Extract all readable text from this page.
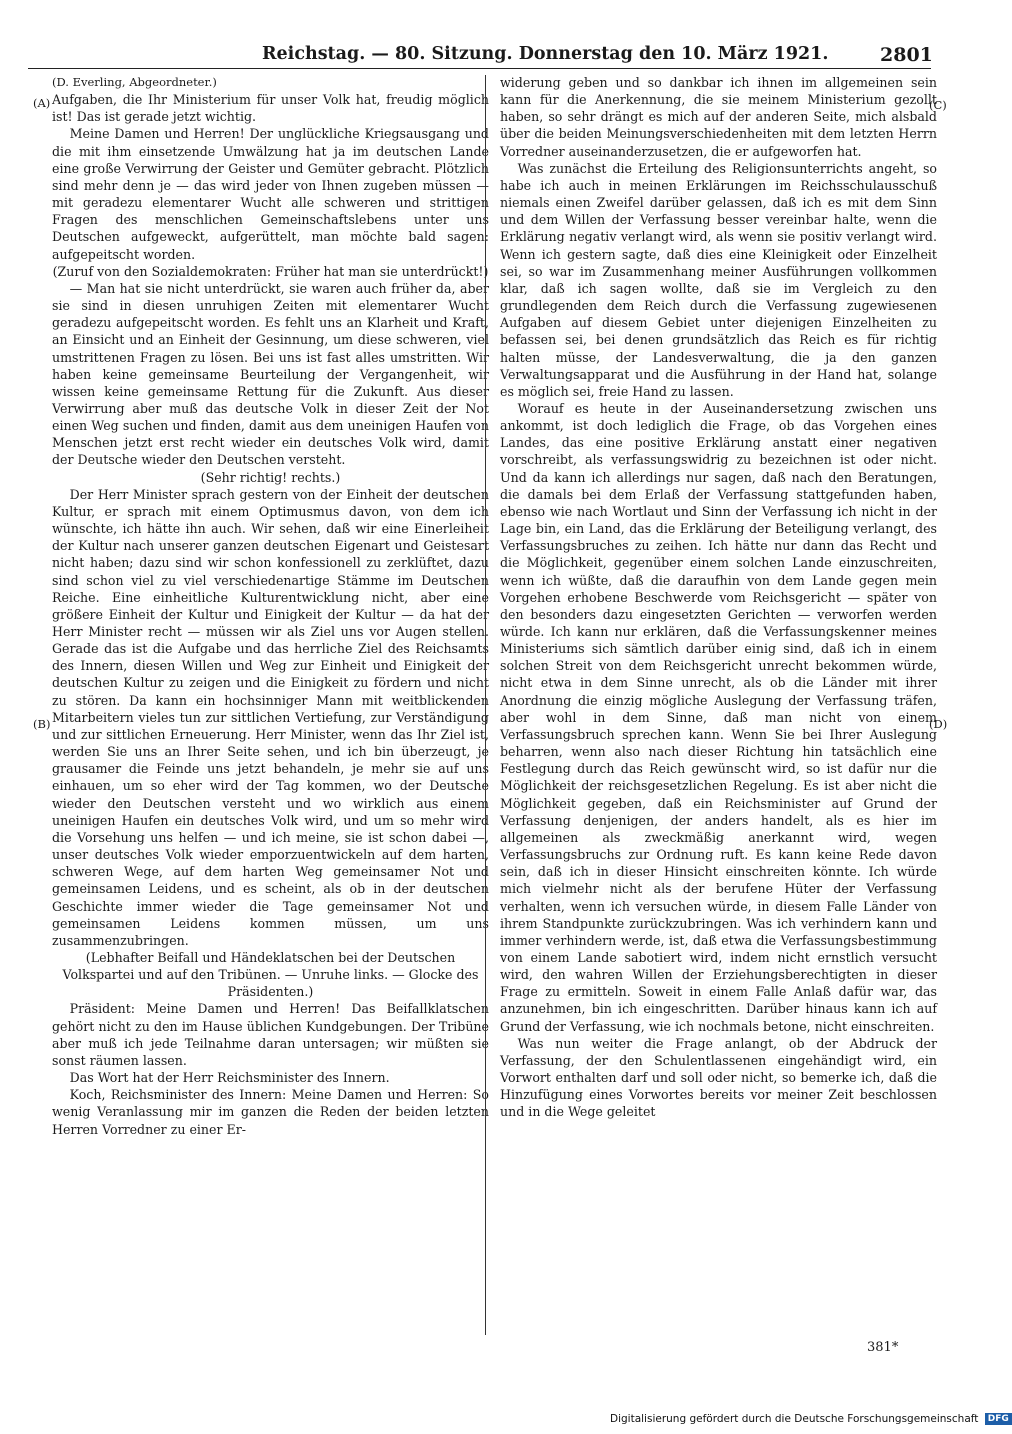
Reichstag. — 80. Sitzung. Donnerstag den 10. März 1921.	2801
(A)
(B)
(C)
(D)

(D. Everling, Abgeordneter.)

Aufgaben, die Ihr Ministerium für unser Volk hat, freudig möglich ist! Das ist gerade jetzt wichtig.

Meine Damen und Herren! Der unglückliche Kriegsausgang und die mit ihm einsetzende Umwälzung hat ja im deutschen Lande eine große Verwirrung der Geister und Gemüter gebracht. Plötzlich sind mehr denn je — das wird jeder von Ihnen zugeben müssen — mit geradezu elementarer Wucht alle schweren und strittigen Fragen des menschlichen Gemeinschaftslebens unter uns Deutschen aufgeweckt, aufgerüttelt, man möchte bald sagen: aufgepeitscht worden.

(Zuruf von den Sozialdemokraten: Früher hat man sie unterdrückt!)

— Man hat sie nicht unterdrückt, sie waren auch früher da, aber sie sind in diesen unruhigen Zeiten mit elementarer Wucht geradezu aufgepeitscht worden. Es fehlt uns an Klarheit und Kraft, an Einsicht und an Einheit der Gesinnung, um diese schweren, viel umstrittenen Fragen zu lösen. Bei uns ist fast alles umstritten. Wir haben keine gemeinsame Beurteilung der Vergangenheit, wir wissen keine gemeinsame Rettung für die Zukunft. Aus dieser Verwirrung aber muß das deutsche Volk in dieser Zeit der Not einen Weg suchen und finden, damit aus dem uneinigen Haufen von Menschen jetzt erst recht wieder ein deutsches Volk wird, damit der Deutsche wieder den Deutschen versteht.

(Sehr richtig! rechts.)

Der Herr Minister sprach gestern von der Einheit der deutschen Kultur, er sprach mit einem Optimusmus davon, von dem ich wünschte, ich hätte ihn auch. Wir sehen, daß wir eine Einerleiheit der Kultur nach unserer ganzen deutschen Eigenart und Geistesart nicht haben; dazu sind wir schon konfessionell zu zerklüftet, dazu sind schon viel zu viel verschiedenartige Stämme im Deutschen Reiche. Eine einheitliche Kulturentwicklung nicht, aber eine größere Einheit der Kultur und Einigkeit der Kultur — da hat der Herr Minister recht — müssen wir als Ziel uns vor Augen stellen. Gerade das ist die Aufgabe und das herrliche Ziel des Reichsamts des Innern, diesen Willen und Weg zur Einheit und Einigkeit der deutschen Kultur zu zeigen und die Einigkeit zu fördern und nicht zu stören. Da kann ein hochsinniger Mann mit weitblickenden Mitarbeitern vieles tun zur sittlichen Vertiefung, zur Verständigung und zur sittlichen Erneuerung. Herr Minister, wenn das Ihr Ziel ist, werden Sie uns an Ihrer Seite sehen, und ich bin überzeugt, je grausamer die Feinde uns jetzt behandeln, je mehr sie auf uns einhauen, um so eher wird der Tag kommen, wo der Deutsche wieder den Deutschen versteht und wo wirklich aus einem uneinigen Haufen ein deutsches Volk wird, und um so mehr wird die Vorsehung uns helfen — und ich meine, sie ist schon dabei —, unser deutsches Volk wieder emporzuentwickeln auf dem harten, schweren Wege, auf dem harten Weg gemeinsamer Not und gemeinsamen Leidens, und es scheint, als ob in der deutschen Geschichte immer wieder die Tage gemeinsamer Not und gemeinsamen Leidens kommen müssen, um uns zusammenzubringen.

(Lebhafter Beifall und Händeklatschen bei der Deutschen Volkspartei und auf den Tribünen. — Unruhe links. — Glocke des Präsidenten.)

Präsident: Meine Damen und Herren! Das Beifallklatschen gehört nicht zu den im Hause üblichen Kundgebungen. Der Tribüne aber muß ich jede Teilnahme daran untersagen; wir müßten sie sonst räumen lassen.

Das Wort hat der Herr Reichsminister des Innern.

Koch, Reichsminister des Innern: Meine Damen und Herren: So wenig Veranlassung mir im ganzen die Reden der beiden letzten Herren Vorredner zu einer Er-

widerung geben und so dankbar ich ihnen im allgemeinen sein kann für die Anerkennung, die sie meinem Ministerium gezollt haben, so sehr drängt es mich auf der anderen Seite, mich alsbald über die beiden Meinungsverschiedenheiten mit dem letzten Herrn Vorredner auseinanderzusetzen, die er aufgeworfen hat.

Was zunächst die Erteilung des Religionsunterrichts angeht, so habe ich auch in meinen Erklärungen im Reichsschulausschuß niemals einen Zweifel darüber gelassen, daß ich es mit dem Sinn und dem Willen der Verfassung besser vereinbar halte, wenn die Erklärung negativ verlangt wird, als wenn sie positiv verlangt wird. Wenn ich gestern sagte, daß dies eine Kleinigkeit oder Einzelheit sei, so war im Zusammenhang meiner Ausführungen vollkommen klar, daß ich sagen wollte, daß sie im Vergleich zu den grundlegenden dem Reich durch die Verfassung zugewiesenen Aufgaben auf diesem Gebiet unter diejenigen Einzelheiten zu befassen sei, bei denen grundsätzlich das Reich es für richtig halten müsse, der Landesverwaltung, die ja den ganzen Verwaltungsapparat und die Ausführung in der Hand hat, solange es möglich sei, freie Hand zu lassen.

Worauf es heute in der Auseinandersetzung zwischen uns ankommt, ist doch lediglich die Frage, ob das Vorgehen eines Landes, das eine positive Erklärung anstatt einer negativen vorschreibt, als verfassungswidrig zu bezeichnen ist oder nicht. Und da kann ich allerdings nur sagen, daß nach den Beratungen, die damals bei dem Erlaß der Verfassung stattgefunden haben, ebenso wie nach Wortlaut und Sinn der Verfassung ich nicht in der Lage bin, ein Land, das die Erklärung der Beteiligung verlangt, des Verfassungsbruches zu zeihen. Ich hätte nur dann das Recht und die Möglichkeit, gegenüber einem solchen Lande einzuschreiten, wenn ich wüßte, daß die daraufhin von dem Lande gegen mein Vorgehen erhobene Beschwerde vom Reichsgericht — später von den besonders dazu eingesetzten Gerichten — verworfen werden würde. Ich kann nur erklären, daß die Verfassungskenner meines Ministeriums sich sämtlich darüber einig sind, daß ich in einem solchen Streit von dem Reichsgericht unrecht bekommen würde, nicht etwa in dem Sinne unrecht, als ob die Länder mit ihrer Anordnung die einzig mögliche Auslegung der Verfassung träfen, aber wohl in dem Sinne, daß man nicht von einem Verfassungsbruch sprechen kann. Wenn Sie bei Ihrer Auslegung beharren, wenn also nach dieser Richtung hin tatsächlich eine Festlegung durch das Reich gewünscht wird, so ist dafür nur die Möglichkeit der reichsgesetzlichen Regelung. Es ist aber nicht die Möglichkeit gegeben, daß ein Reichsminister auf Grund der Verfassung denjenigen, der anders handelt, als es hier im allgemeinen als zweckmäßig anerkannt wird, wegen Verfassungsbruchs zur Ordnung ruft. Es kann keine Rede davon sein, daß ich in dieser Hinsicht einschreiten könnte. Ich würde mich vielmehr nicht als der berufene Hüter der Verfassung verhalten, wenn ich versuchen würde, in diesem Falle Länder von ihrem Standpunkte zurückzubringen. Was ich verhindern kann und immer verhindern werde, ist, daß etwa die Verfassungsbestimmung von einem Lande sabotiert wird, indem nicht ernstlich versucht wird, den wahren Willen der Erziehungsberechtigten in dieser Frage zu ermitteln. Soweit in einem Falle Anlaß dafür war, das anzunehmen, bin ich eingeschritten. Darüber hinaus kann ich auf Grund der Verfassung, wie ich nochmals betone, nicht einschreiten.

Was nun weiter die Frage anlangt, ob der Abdruck der Verfassung, der den Schulentlassenen eingehändigt wird, ein Vorwort enthalten darf und soll oder nicht, so bemerke ich, daß die Hinzufügung eines Vorwortes bereits vor meiner Zeit beschlossen und in die Wege geleitet

381*
Digitalisierung gefördert durch die Deutsche Forschungsgemeinschaft DFG
